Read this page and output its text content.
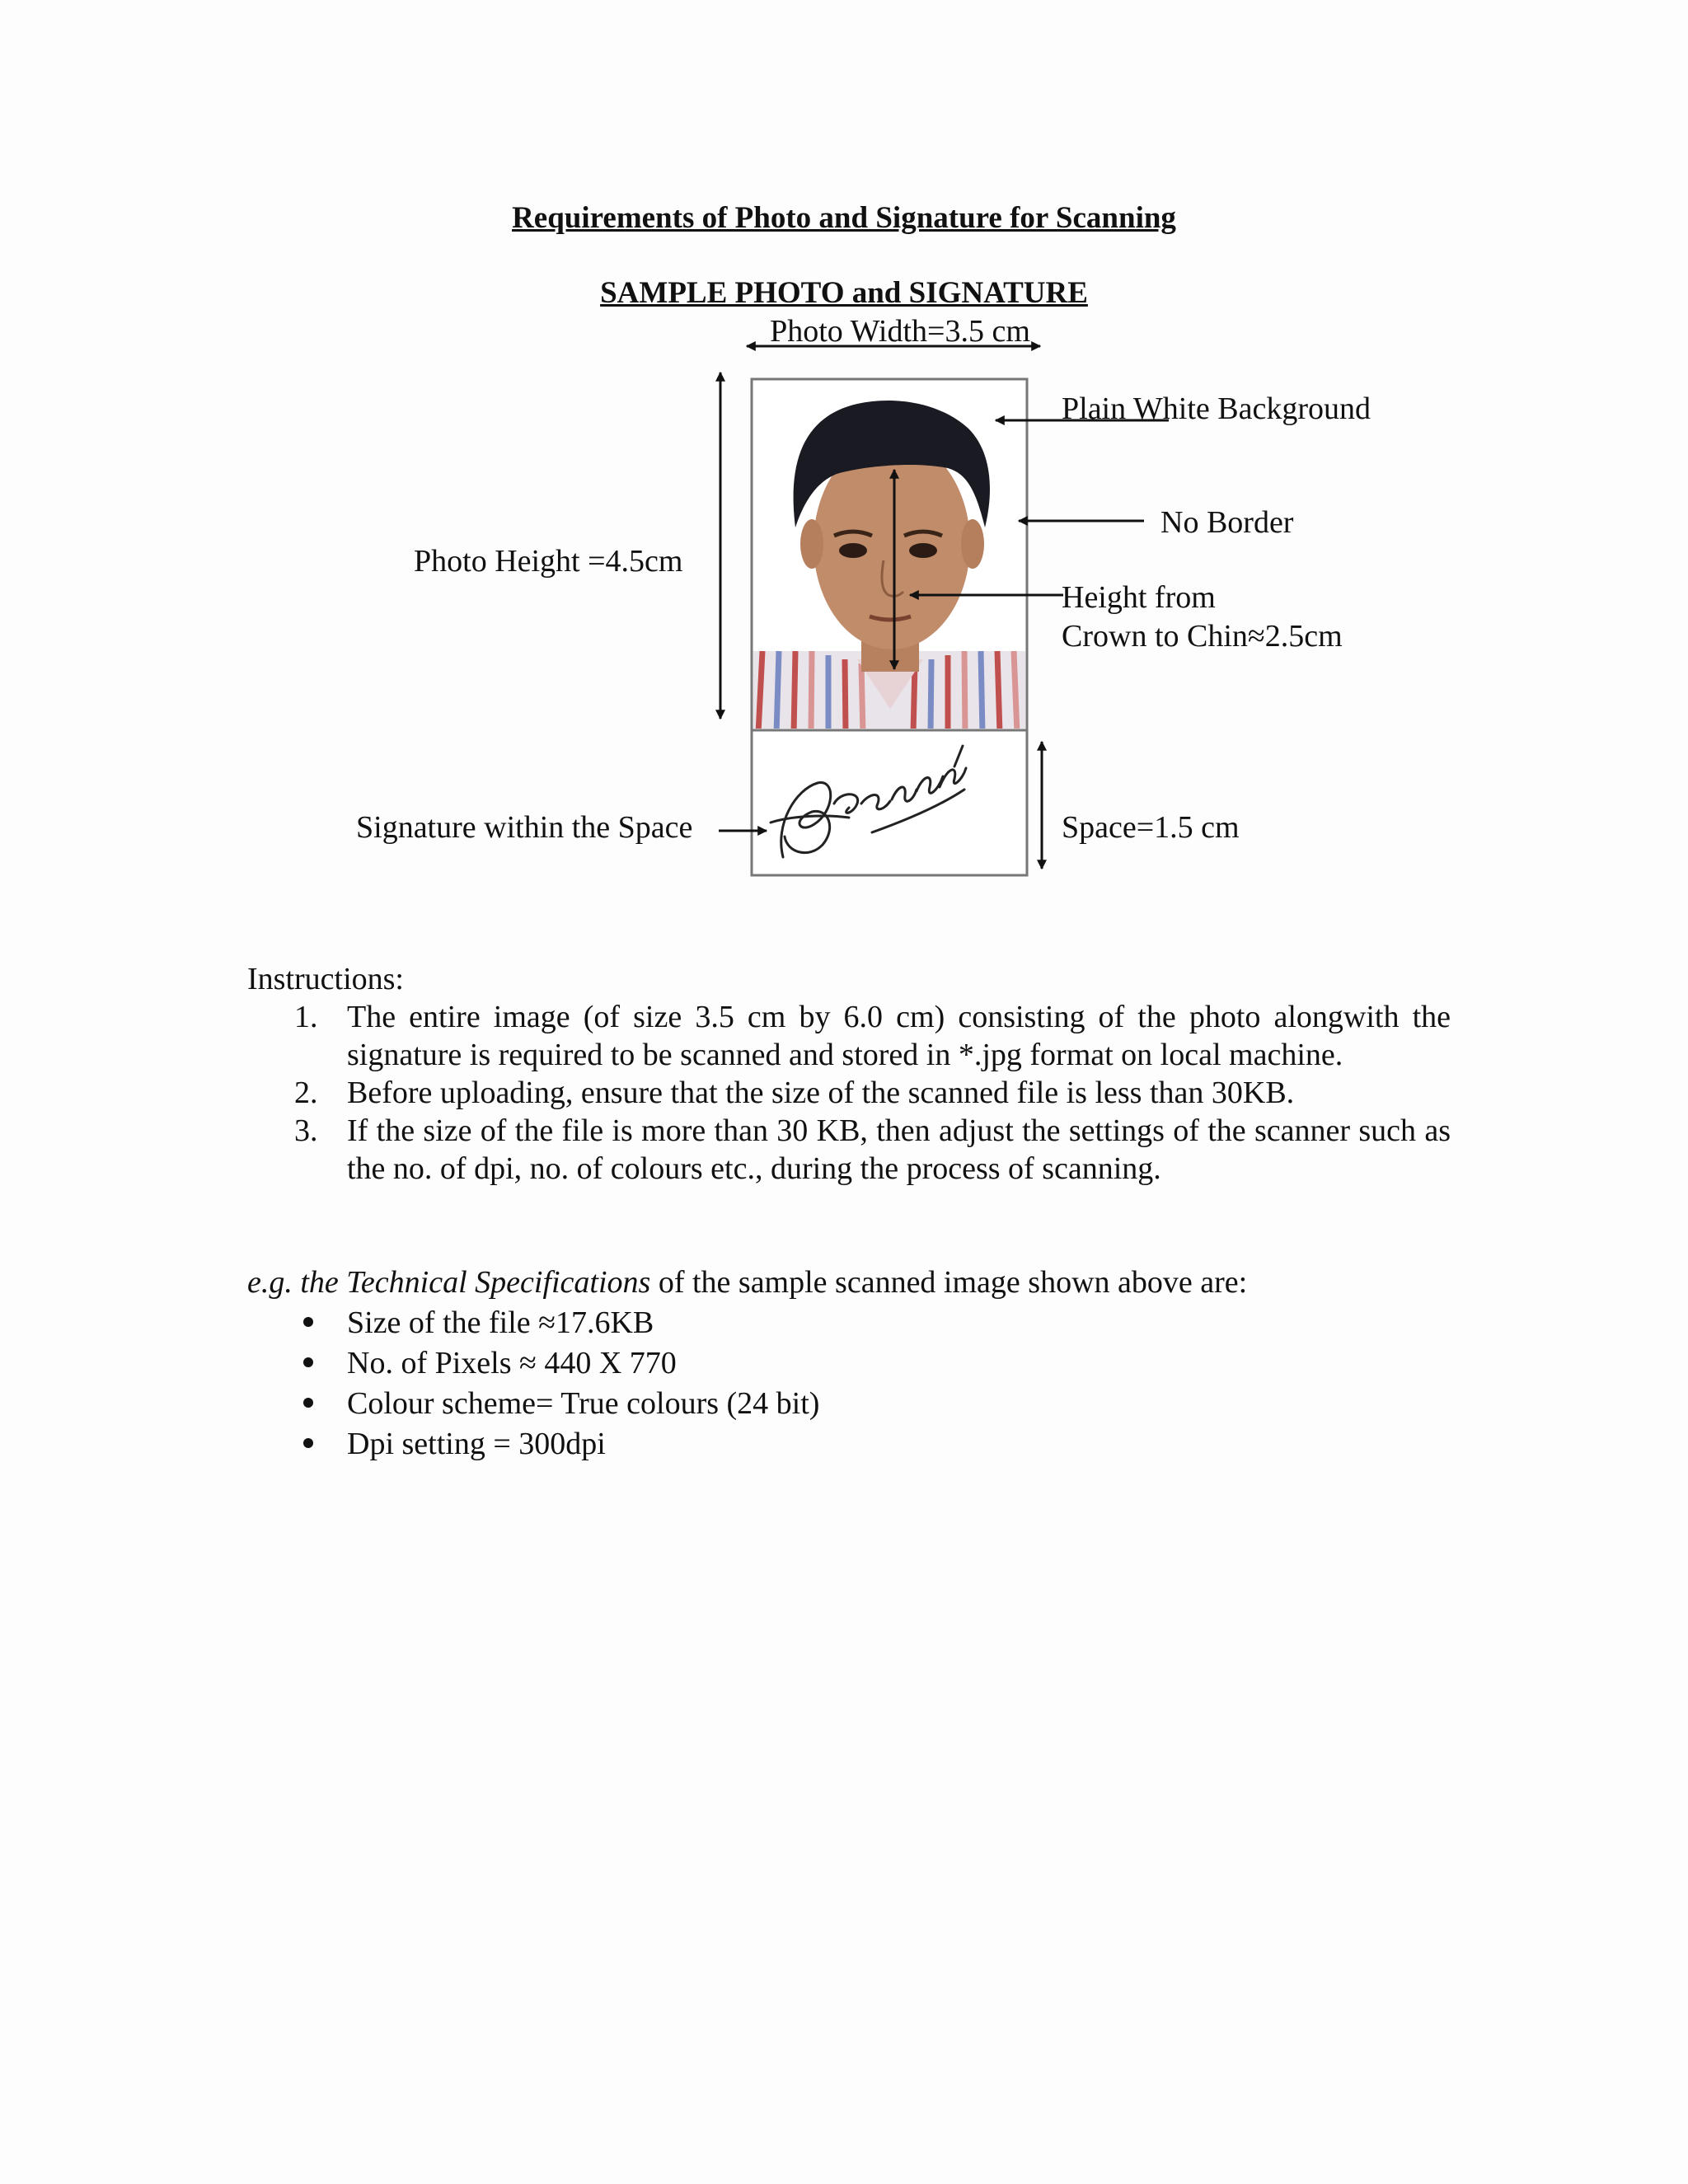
Requirements of Photo and Signature for Scanning
SAMPLE PHOTO and SIGNATURE
Photo Width=3.5 cm
Plain White Background
No Border
Photo Height =4.5cm
Height from
Crown to Chin≈2.5cm
Signature within the Space	Space=1.5 cm
Instructions:
1. The entire image (of size 3.5 cm by 6.0 cm) consisting of the photo alongwith the signature is required to be scanned and stored in *.jpg format on local machine.
2. Before uploading, ensure that the size of the scanned file is less than 30KB.
3. If the size of the file is more than 30 KB, then adjust the settings of the scanner such as the no. of dpi, no. of colours etc., during the process of scanning.
e.g. the Technical Specifications of the sample scanned image shown above are:
Size of the file ≈17.6KB
No. of Pixels ≈ 440 X 770
Colour scheme= True colours (24 bit)
Dpi setting = 300dpi
